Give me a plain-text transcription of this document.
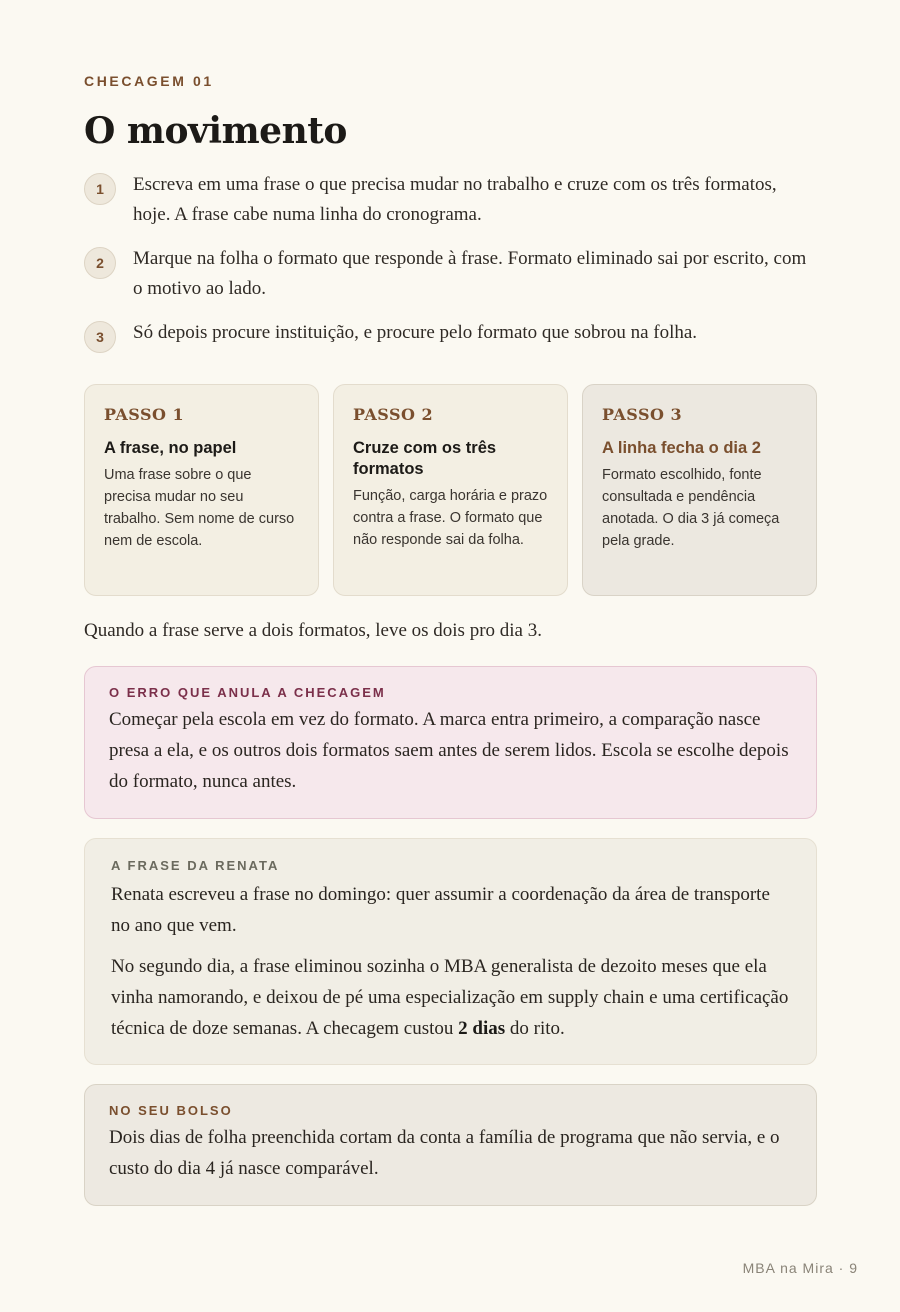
CHECAGEM 01
O movimento
1	Escreva em uma frase o que precisa mudar no trabalho e cruze com os três formatos, hoje. A frase cabe numa linha do cronograma.

2	Marque na folha o formato que responde à frase. Formato eliminado sai por escrito, com o motivo ao lado.

3	Só depois procure instituição, e procure pelo formato que sobrou na folha.

PASSO 1
A frase, no papel
Uma frase sobre o que precisa mudar no seu trabalho. Sem nome de curso nem de escola.
PASSO 2
Cruze com os três formatos
Função, carga horária e prazo contra a frase. O formato que não responde sai da folha.
PASSO 3
A linha fecha o dia 2
Formato escolhido, fonte consultada e pendência anotada. O dia 3 já começa pela grade.

Quando a frase serve a dois formatos, leve os dois pro dia 3.

O ERRO QUE ANULA A CHECAGEM

Começar pela escola em vez do formato. A marca entra primeiro, a comparação nasce presa a ela, e os outros dois formatos saem antes de serem lidos. Escola se escolhe depois do formato, nunca antes.

A FRASE DA RENATA

Renata escreveu a frase no domingo: quer assumir a coordenação da área de transporte no ano que vem.

No segundo dia, a frase eliminou sozinha o MBA generalista de dezoito meses que ela vinha namorando, e deixou de pé uma especialização em supply chain e uma certificação técnica de doze semanas. A checagem custou 2 dias do rito.

NO SEU BOLSO

Dois dias de folha preenchida cortam da conta a família de programa que não servia, e o custo do dia 4 já nasce comparável.

MBA na Mira · 9
